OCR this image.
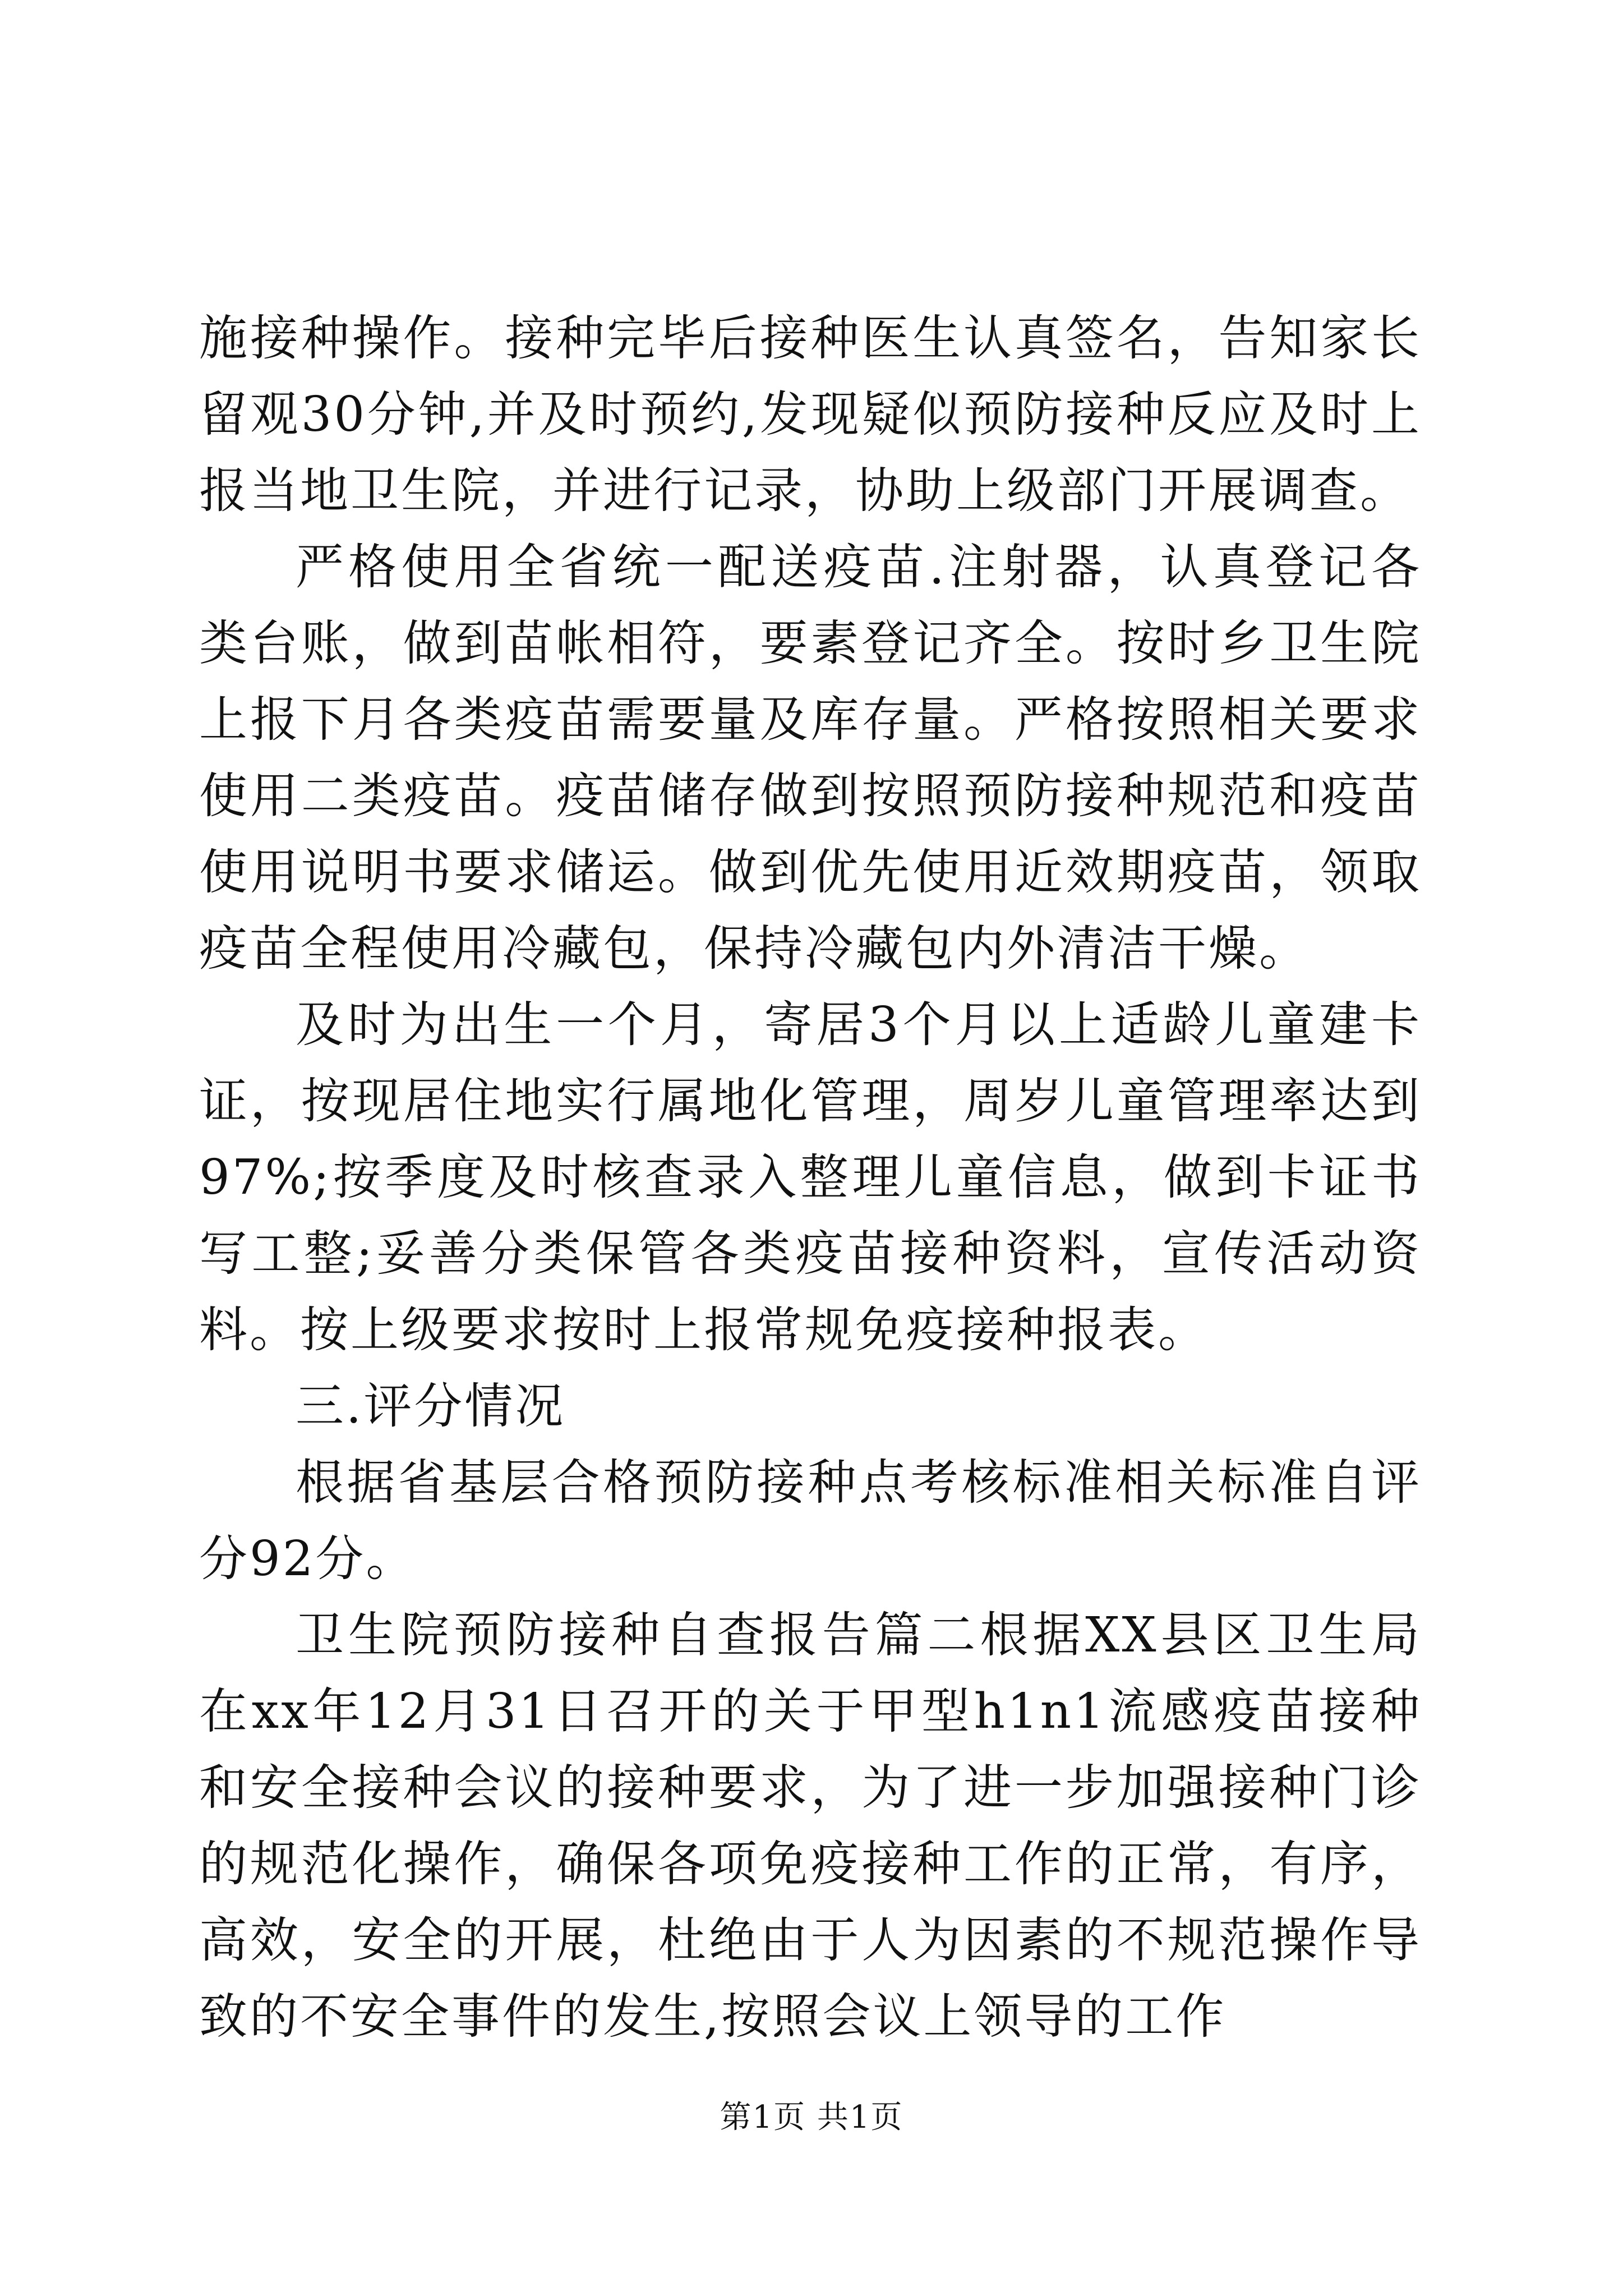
施接种操作。接种完毕后接种医生认真签名，告知家长留观30分钟,并及时预约,发现疑似预防接种反应及时上报当地卫生院，并进行记录，协助上级部门开展调查。

严格使用全省统一配送疫苗.注射器，认真登记各类台账，做到苗帐相符，要素登记齐全。按时乡卫生院上报下月各类疫苗需要量及库存量。严格按照相关要求使用二类疫苗。疫苗储存做到按照预防接种规范和疫苗使用说明书要求储运。做到优先使用近效期疫苗，领取疫苗全程使用冷藏包，保持冷藏包内外清洁干燥。

及时为出生一个月，寄居3个月以上适龄儿童建卡证，按现居住地实行属地化管理，周岁儿童管理率达到97%;按季度及时核查录入整理儿童信息，做到卡证书写工整;妥善分类保管各类疫苗接种资料，宣传活动资料。按上级要求按时上报常规免疫接种报表。

三.评分情况

根据省基层合格预防接种点考核标准相关标准自评分92分。

卫生院预防接种自查报告篇二根据XX县区卫生局在xx年12月31日召开的关于甲型h1n1流感疫苗接种和安全接种会议的接种要求，为了进一步加强接种门诊的规范化操作，确保各项免疫接种工作的正常，有序，高效，安全的开展，杜绝由于人为因素的不规范操作导致的不安全事件的发生,按照会议上领导的工作

第1页 共1页
